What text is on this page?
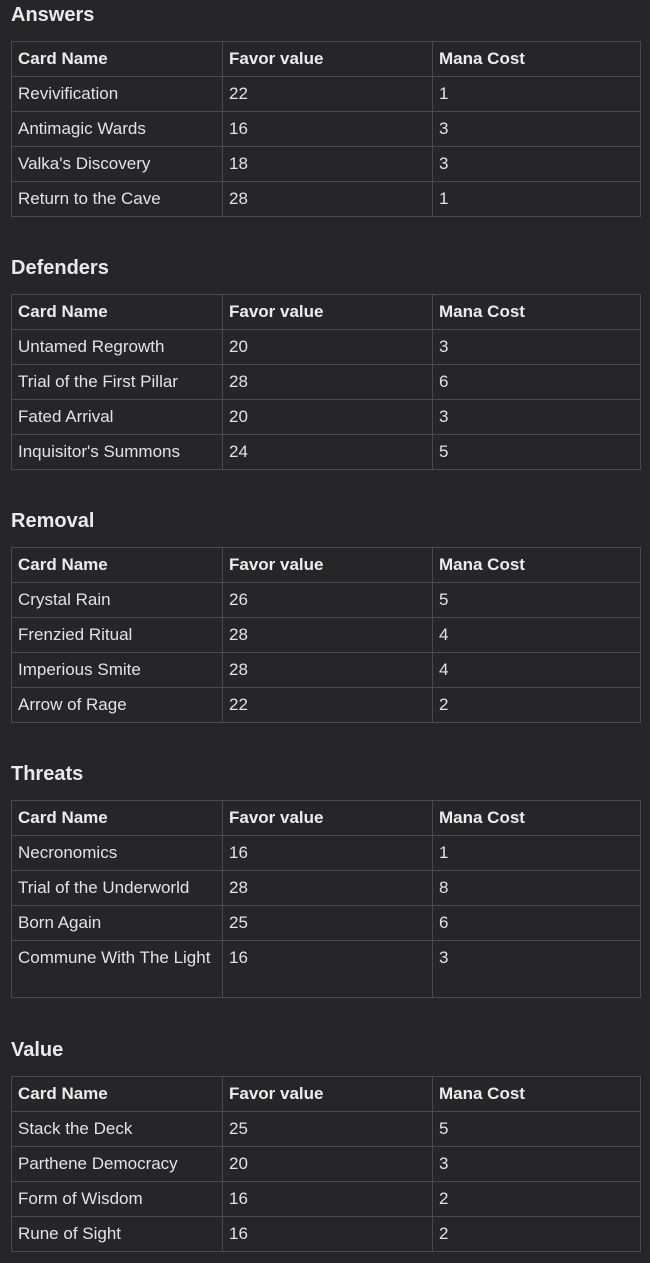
Answers
Card Name	Favor value	Mana Cost
Revivification	22	1
Antimagic Wards	16	3
Valka's Discovery	18	3
Return to the Cave	28	1
Defenders
Card Name	Favor value	Mana Cost
Untamed Regrowth	20	3
Trial of the First Pillar	28	6
Fated Arrival	20	3
Inquisitor's Summons	24	5
Removal
Card Name	Favor value	Mana Cost
Crystal Rain	26	5
Frenzied Ritual	28	4
Imperious Smite	28	4
Arrow of Rage	22	2
Threats
Card Name	Favor value	Mana Cost
Necronomics	16	1
Trial of the Underworld	28	8
Born Again	25	6
Commune With The Light	16	3
Value
Card Name	Favor value	Mana Cost
Stack the Deck	25	5
Parthene Democracy	20	3
Form of Wisdom	16	2
Rune of Sight	16	2
